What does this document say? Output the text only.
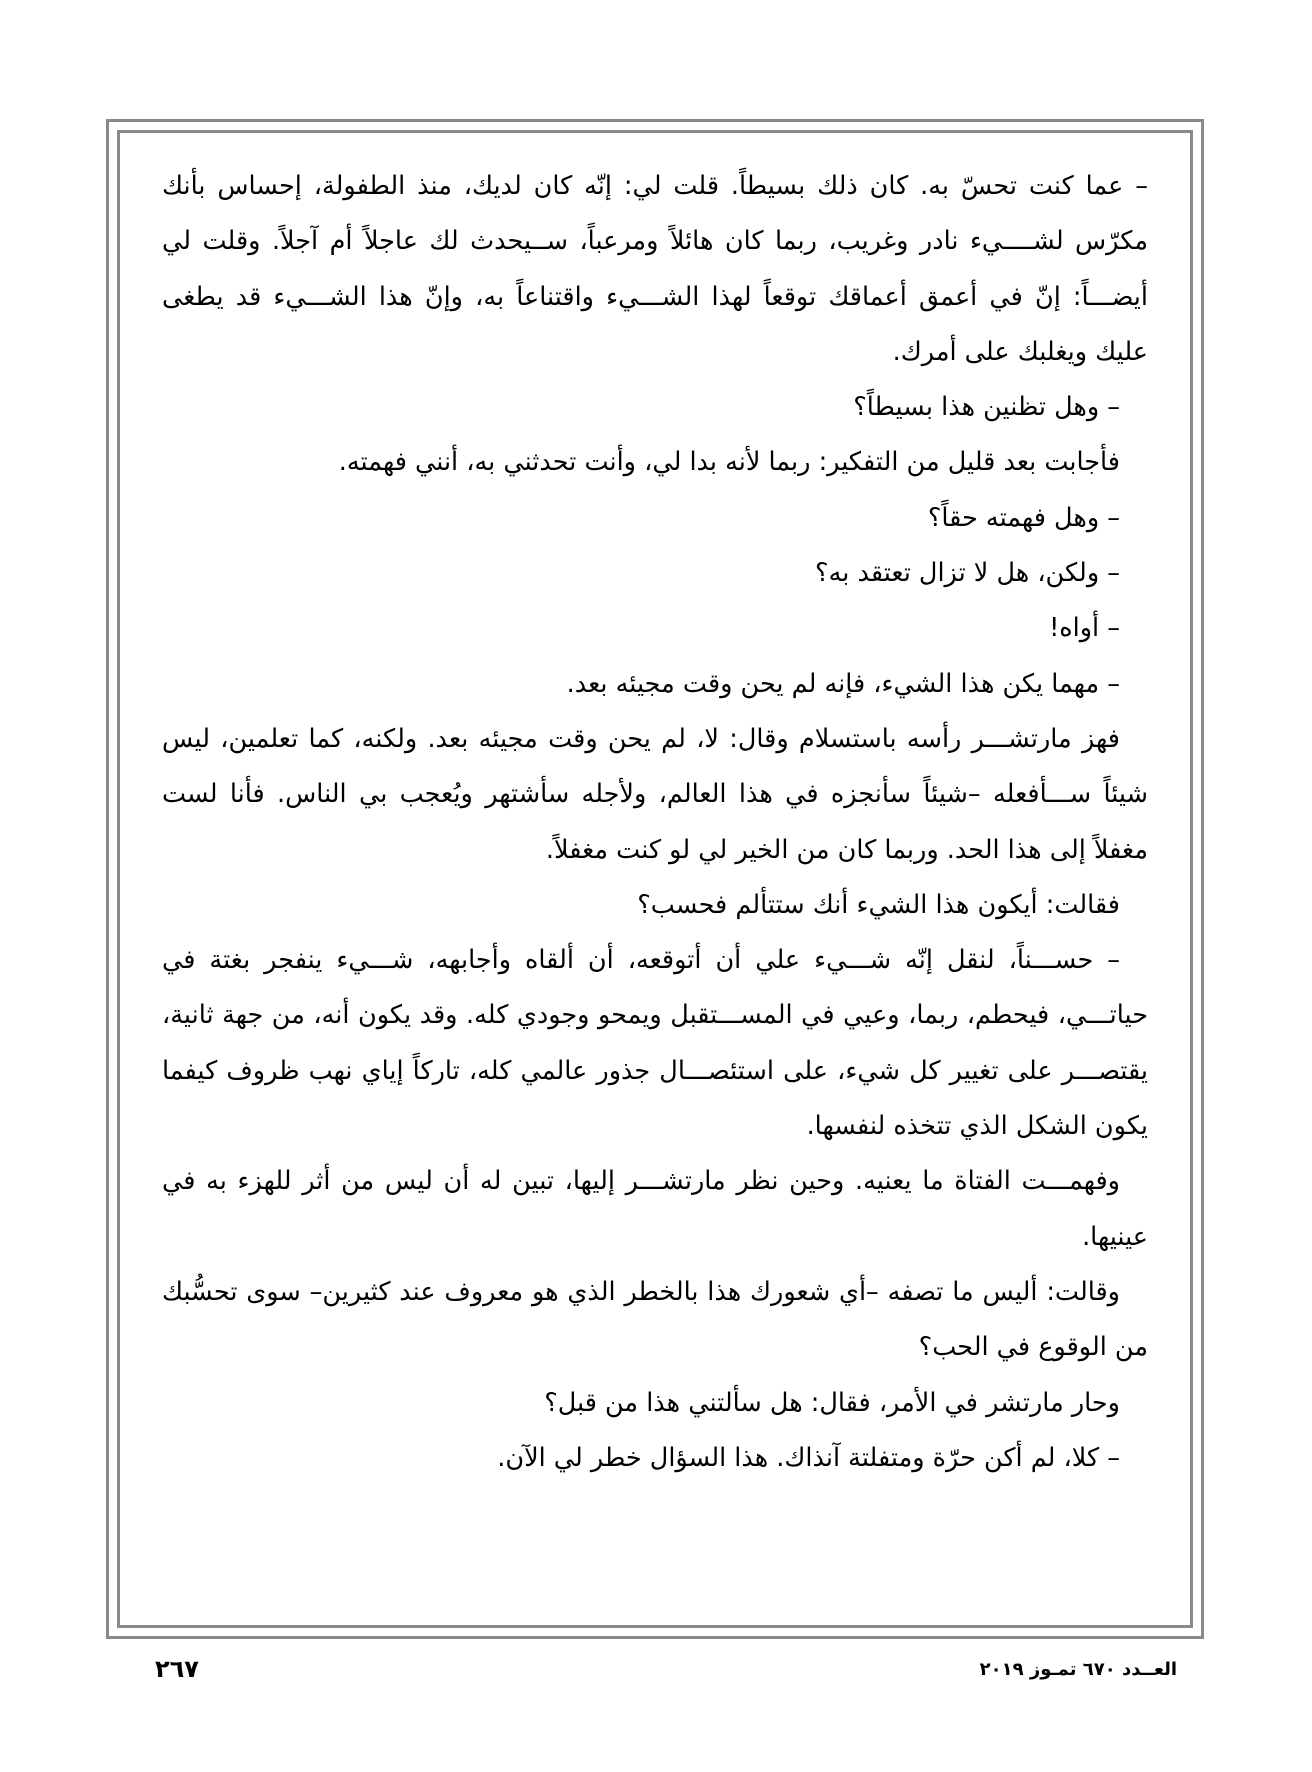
– عما كنت تحسّ به. كان ذلك بسيطاً. قلت لي: إنّه كان لديك، منذ الطفولة، إحساس بأنك مكرّس لشــــيء نادر وغريب، ربما كان هائلاً ومرعباً، ســيحدث لك عاجلاً أم آجلاً. وقلت لي أيضـــاً: إنّ في أعمق أعماقك توقعاً لهذا الشـــيء واقتناعاً به، وإنّ هذا الشـــيء قد يطغى عليك ويغلبك على أمرك.

– وهل تظنين هذا بسيطاً؟

فأجابت بعد قليل من التفكير: ربما لأنه بدا لي، وأنت تحدثني به، أنني فهمته.

– وهل فهمته حقاً؟

– ولكن، هل لا تزال تعتقد به؟

– أواه!

– مهما يكن هذا الشيء، فإنه لم يحن وقت مجيئه بعد.

فهز مارتشـــر رأسه باستسلام وقال: لا، لم يحن وقت مجيئه بعد. ولكنه، كما تعلمين، ليس شيئاً ســـأفعله –شيئاً سأنجزه في هذا العالم، ولأجله سأشتهر ويُعجب بي الناس. فأنا لست مغفلاً إلى هذا الحد. وربما كان من الخير لي لو كنت مغفلاً.

فقالت: أيكون هذا الشيء أنك ستتألم فحسب؟

– حســـناً، لنقل إنّه شـــيء علي أن أتوقعه، أن ألقاه وأجابهه، شـــيء ينفجر بغتة في حياتـــي، فيحطم، ربما، وعيي في المســـتقبل ويمحو وجودي كله. وقد يكون أنه، من جهة ثانية، يقتصـــر على تغيير كل شيء، على استئصـــال جذور عالمي كله، تاركاً إياي نهب ظروف كيفما يكون الشكل الذي تتخذه لنفسها.

وفهمـــت الفتاة ما يعنيه. وحين نظر مارتشـــر إليها، تبين له أن ليس من أثر للهزء به في عينيها.

وقالت: أليس ما تصفه –أي شعورك هذا بالخطر الذي هو معروف عند كثيرين– سوى تحسُّبك من الوقوع في الحب؟

وحار مارتشر في الأمر، فقال: هل سألتني هذا من قبل؟

– كلا، لم أكن حرّة ومتفلتة آنذاك. هذا السؤال خطر لي الآن.

٢٦٧	العــدد ٦٧٠ تمـوز ٢٠١٩
